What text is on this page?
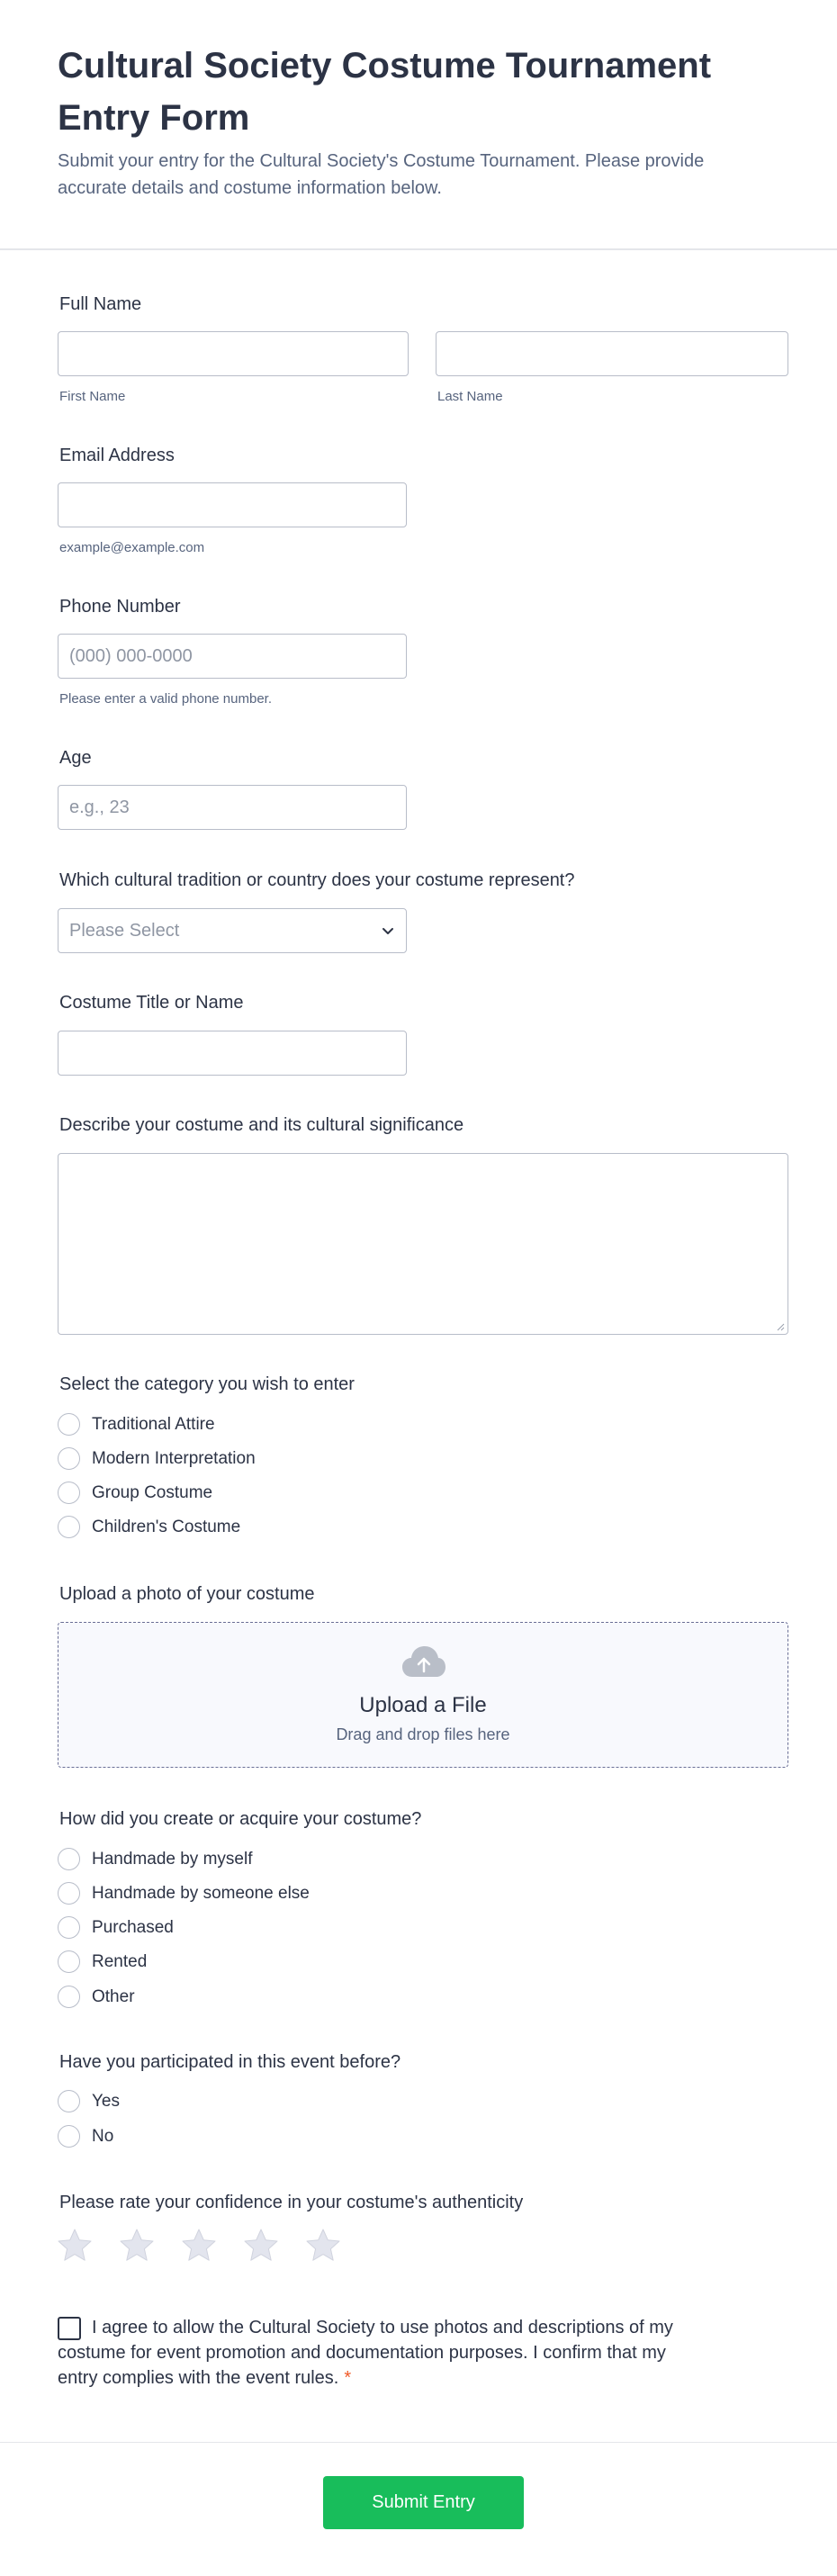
Cultural Society Costume Tournament Entry Form

Submit your entry for the Cultural Society's Costume Tournament. Please provide accurate details and costume information below.

Full Name
First Name	Last Name
Email Address
example@example.com
Phone Number
(000) 000-0000
Please enter a valid phone number.
Age
e.g., 23
Which cultural tradition or country does your costume represent?
Please Select
Costume Title or Name
Describe your costume and its cultural significance
Select the category you wish to enter
Traditional Attire
Modern Interpretation
Group Costume
Children's Costume
Upload a photo of your costume
Upload a File
Drag and drop files here
How did you create or acquire your costume?
Handmade by myself
Handmade by someone else
Purchased
Rented
Other
Have you participated in this event before?
Yes
No
Please rate your confidence in your costume's authenticity

I agree to allow the Cultural Society to use photos and descriptions of my costume for event promotion and documentation purposes. I confirm that my entry complies with the event rules. *

Submit Entry
